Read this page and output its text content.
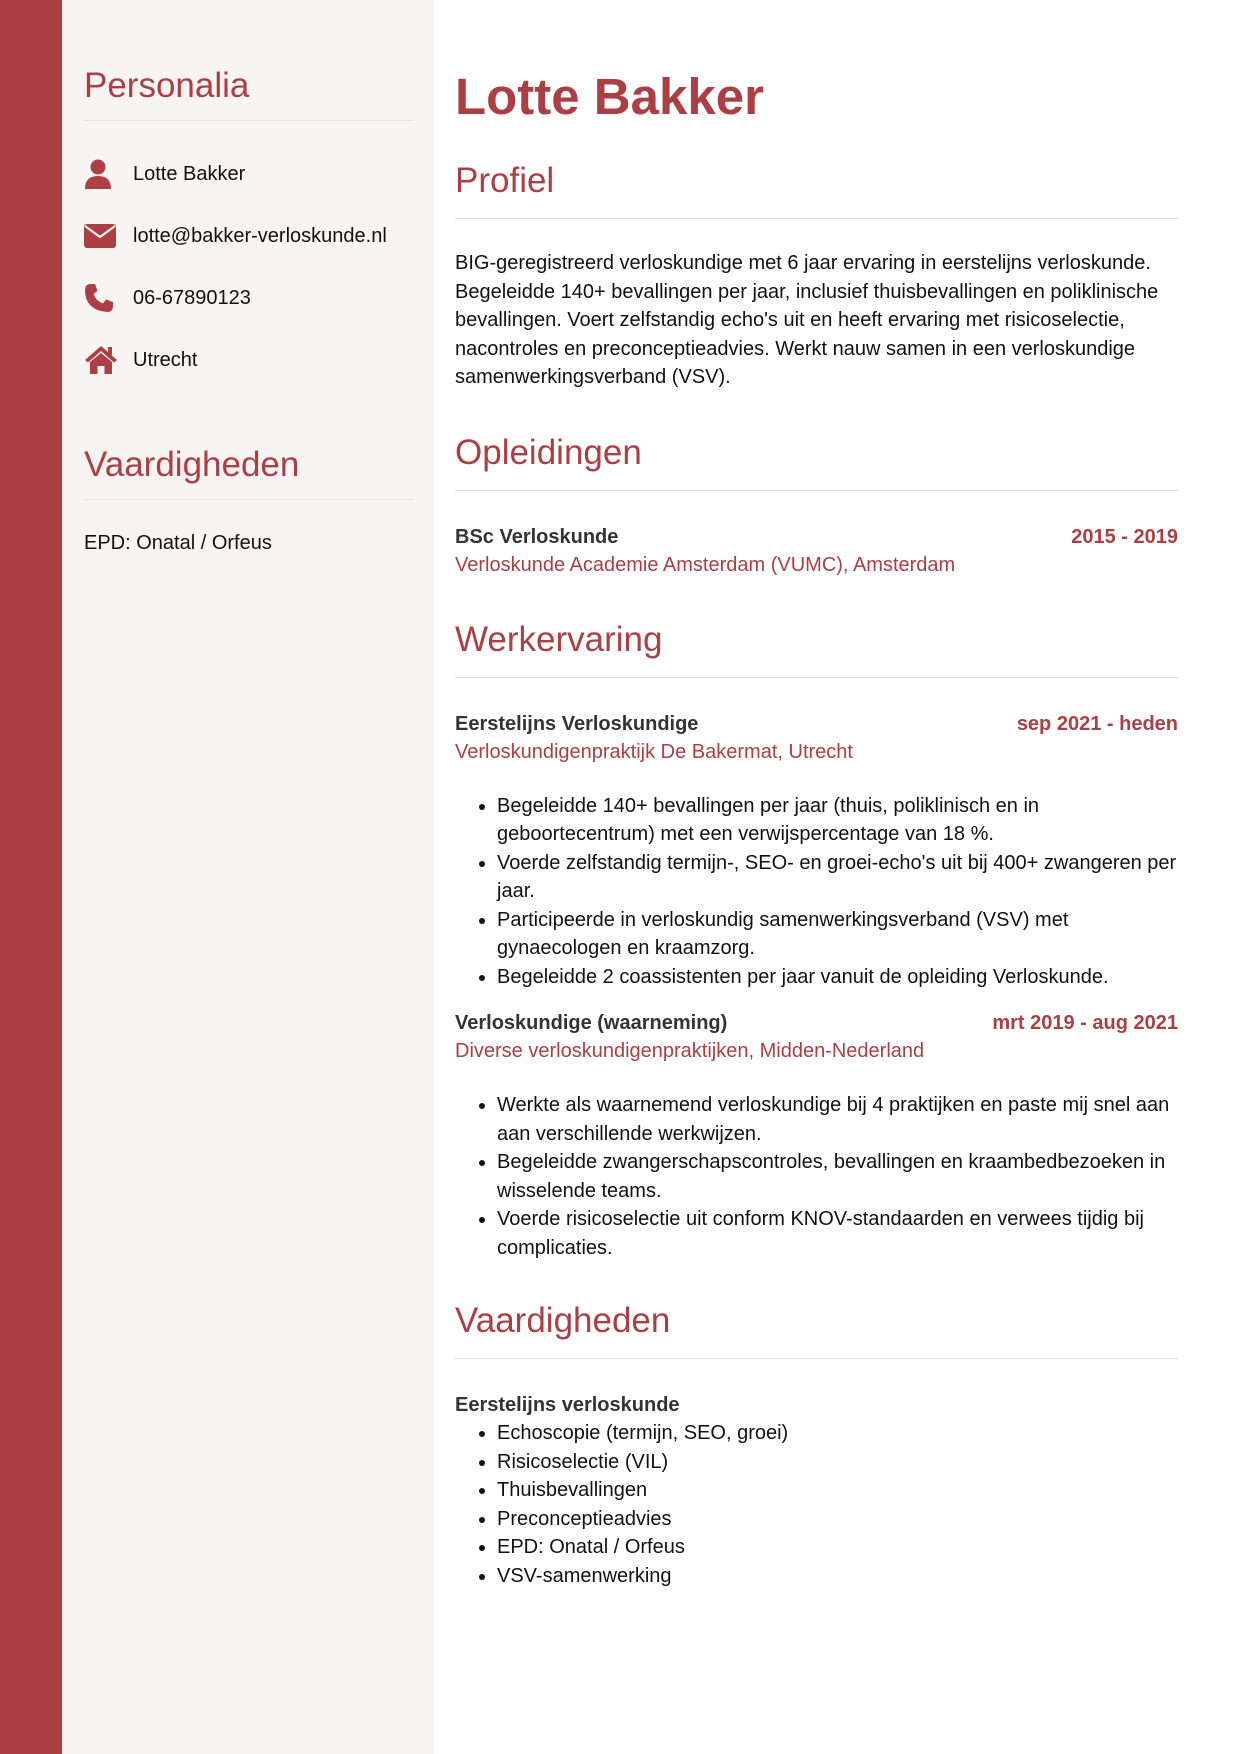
Personalia
Lotte Bakker
lotte@bakker-verloskunde.nl
06-67890123
Utrecht
Vaardigheden
EPD: Onatal / Orfeus
Lotte Bakker
Profiel

BIG-geregistreerd verloskundige met 6 jaar ervaring in eerstelijns verloskunde. Begeleidde 140+ bevallingen per jaar, inclusief thuisbevallingen en poliklinische bevallingen. Voert zelfstandig echo's uit en heeft ervaring met risicoselectie, nacontroles en preconceptieadvies. Werkt nauw samen in een verloskundige samenwerkingsverband (VSV).

Opleidingen
BSc Verloskunde	2015 - 2019
Verloskunde Academie Amsterdam (VUMC), Amsterdam
Werkervaring
Eerstelijns Verloskundige	sep 2021 - heden
Verloskundigenpraktijk De Bakermat, Utrecht
• Begeleidde 140+ bevallingen per jaar (thuis, poliklinisch en in geboortecentrum) met een verwijspercentage van 18 %.
• Voerde zelfstandig termijn-, SEO- en groei-echo's uit bij 400+ zwangeren per jaar.
• Participeerde in verloskundig samenwerkingsverband (VSV) met gynaecologen en kraamzorg.
• Begeleidde 2 coassistenten per jaar vanuit de opleiding Verloskunde.
Verloskundige (waarneming)	mrt 2019 - aug 2021
Diverse verloskundigenpraktijken, Midden-Nederland
• Werkte als waarnemend verloskundige bij 4 praktijken en paste mij snel aan aan verschillende werkwijzen.
• Begeleidde zwangerschapscontroles, bevallingen en kraambedbezoeken in wisselende teams.
• Voerde risicoselectie uit conform KNOV-standaarden en verwees tijdig bij complicaties.
Vaardigheden
Eerstelijns verloskunde
• Echoscopie (termijn, SEO, groei)
• Risicoselectie (VIL)
• Thuisbevallingen
• Preconceptieadvies
• EPD: Onatal / Orfeus
• VSV-samenwerking
